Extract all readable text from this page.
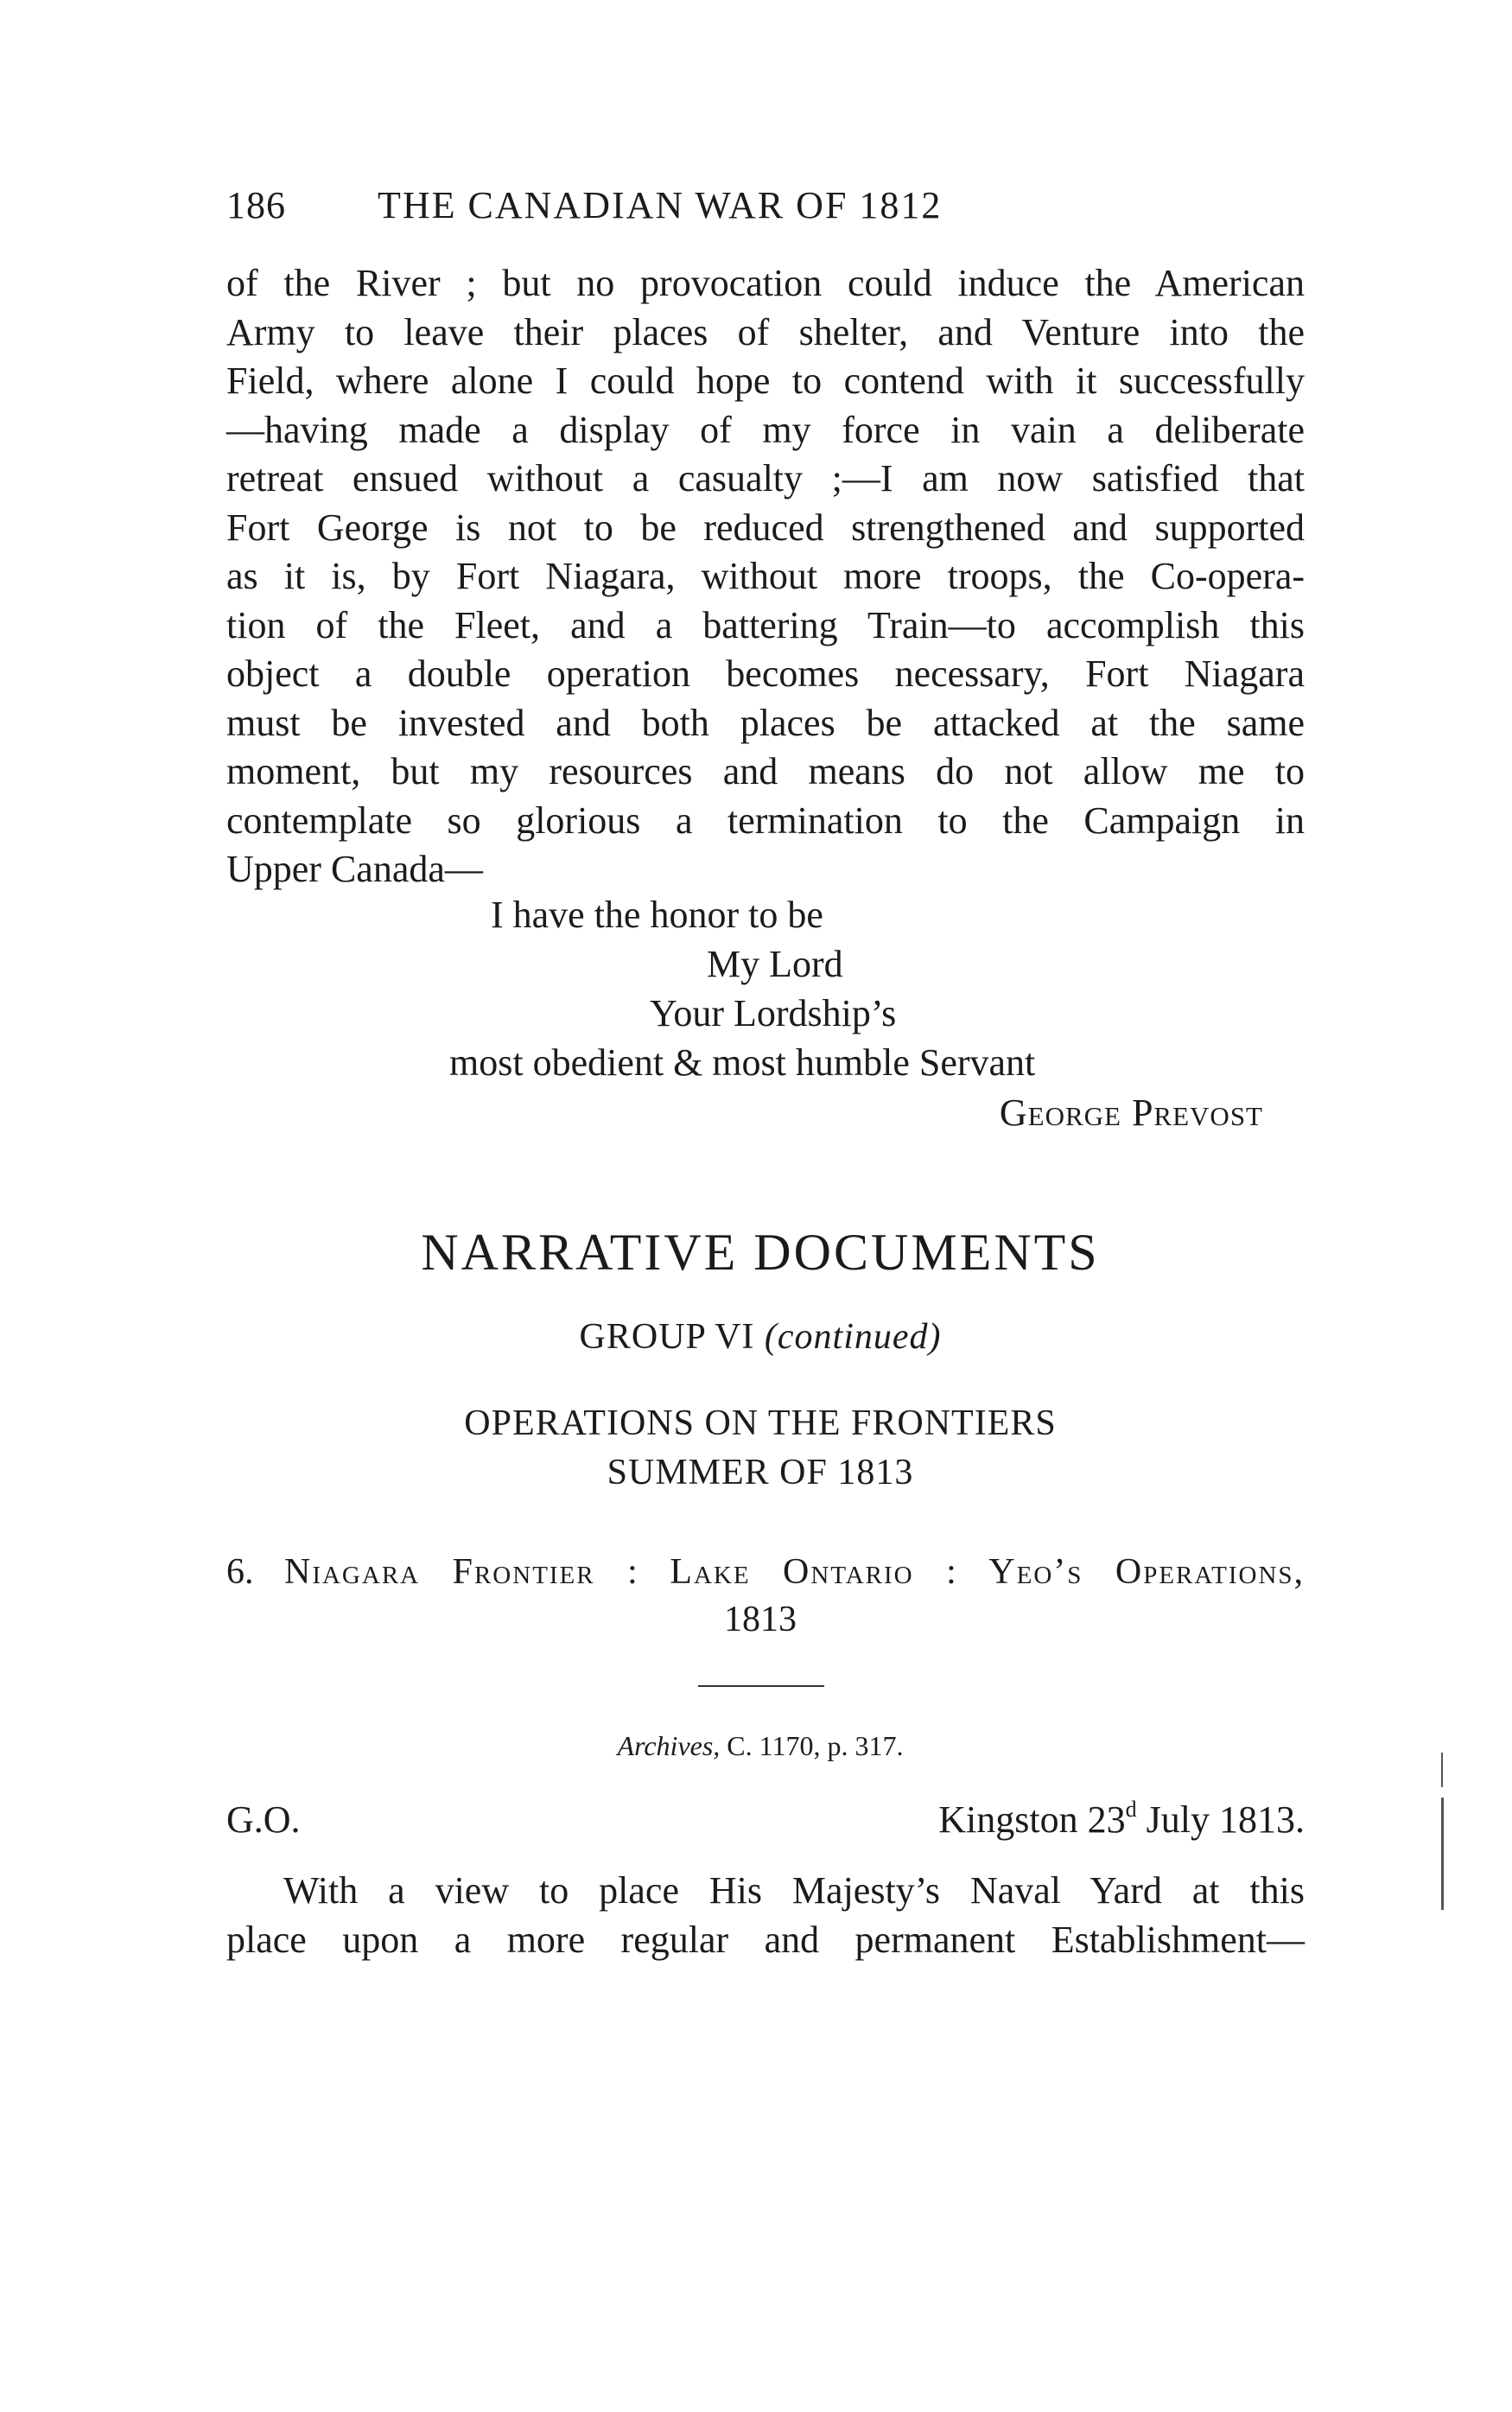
186 THE CANADIAN WAR OF 1812
of the River ; but no provocation could induce the American
Army to leave their places of shelter, and Venture into the
Field, where alone I could hope to contend with it successfully
—having made a display of my force in vain a deliberate
retreat ensued without a casualty ;—I am now satisfied that
Fort George is not to be reduced strengthened and supported
as it is, by Fort Niagara, without more troops, the Co-opera-
tion of the Fleet, and a battering Train—to accomplish this
object a double operation becomes necessary, Fort Niagara
must be invested and both places be attacked at the same
moment, but my resources and means do not allow me to
contemplate so glorious a termination to the Campaign in
Upper Canada—
I have the honor to be
My Lord
Your Lordship’s
most obedient & most humble Servant
George Prevost
NARRATIVE DOCUMENTS
GROUP VI (continued)
OPERATIONS ON THE FRONTIERS
SUMMER OF 1813
6. Niagara Frontier : Lake Ontario : Yeo’s Operations,
1813
Archives, C. 1170, p. 317.
G.O.	Kingston 23$^d$ July 1813.
With a view to place His Majesty’s Naval Yard at this
place upon a more regular and permanent Establishment—
